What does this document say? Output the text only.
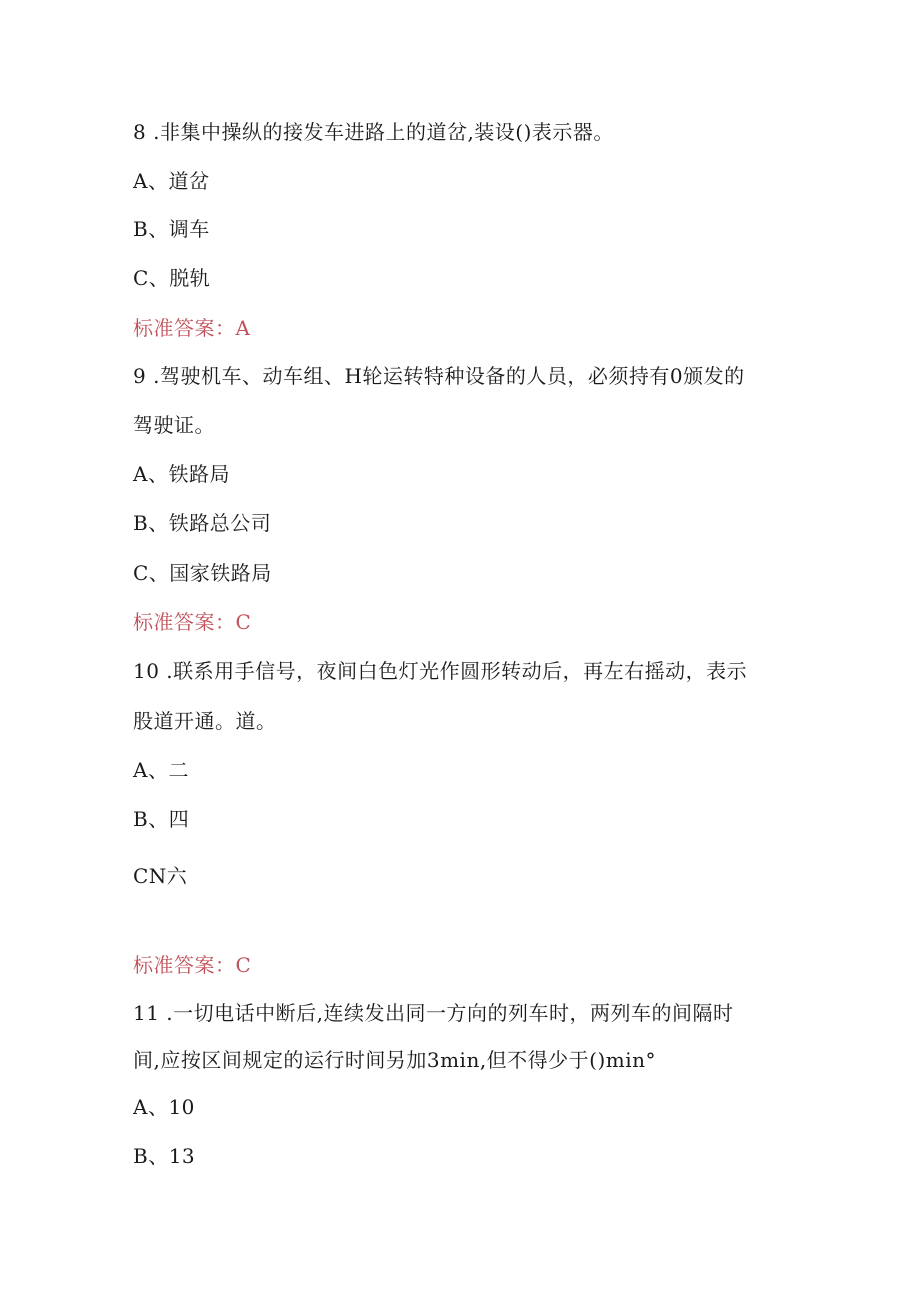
8 .非集中操纵的接发车进路上的道岔,装设()表示器。
A、道岔
B、调车
C、脱轨
标准答案：A
9 .驾驶机车、动车组、H轮运转特种设备的人员，必须持有0颁发的
驾驶证。
A、铁路局
B、铁路总公司
C、国家铁路局
标准答案：C
10 .联系用手信号，夜间白色灯光作圆形转动后，再左右摇动，表示
股道开通。道。
A、二
B、四
CN六
标准答案：C
11 .一切电话中断后,连续发出同一方向的列车时，两列车的间隔时
间,应按区间规定的运行时间另加3min,但不得少于()min°
A、10
B、13
